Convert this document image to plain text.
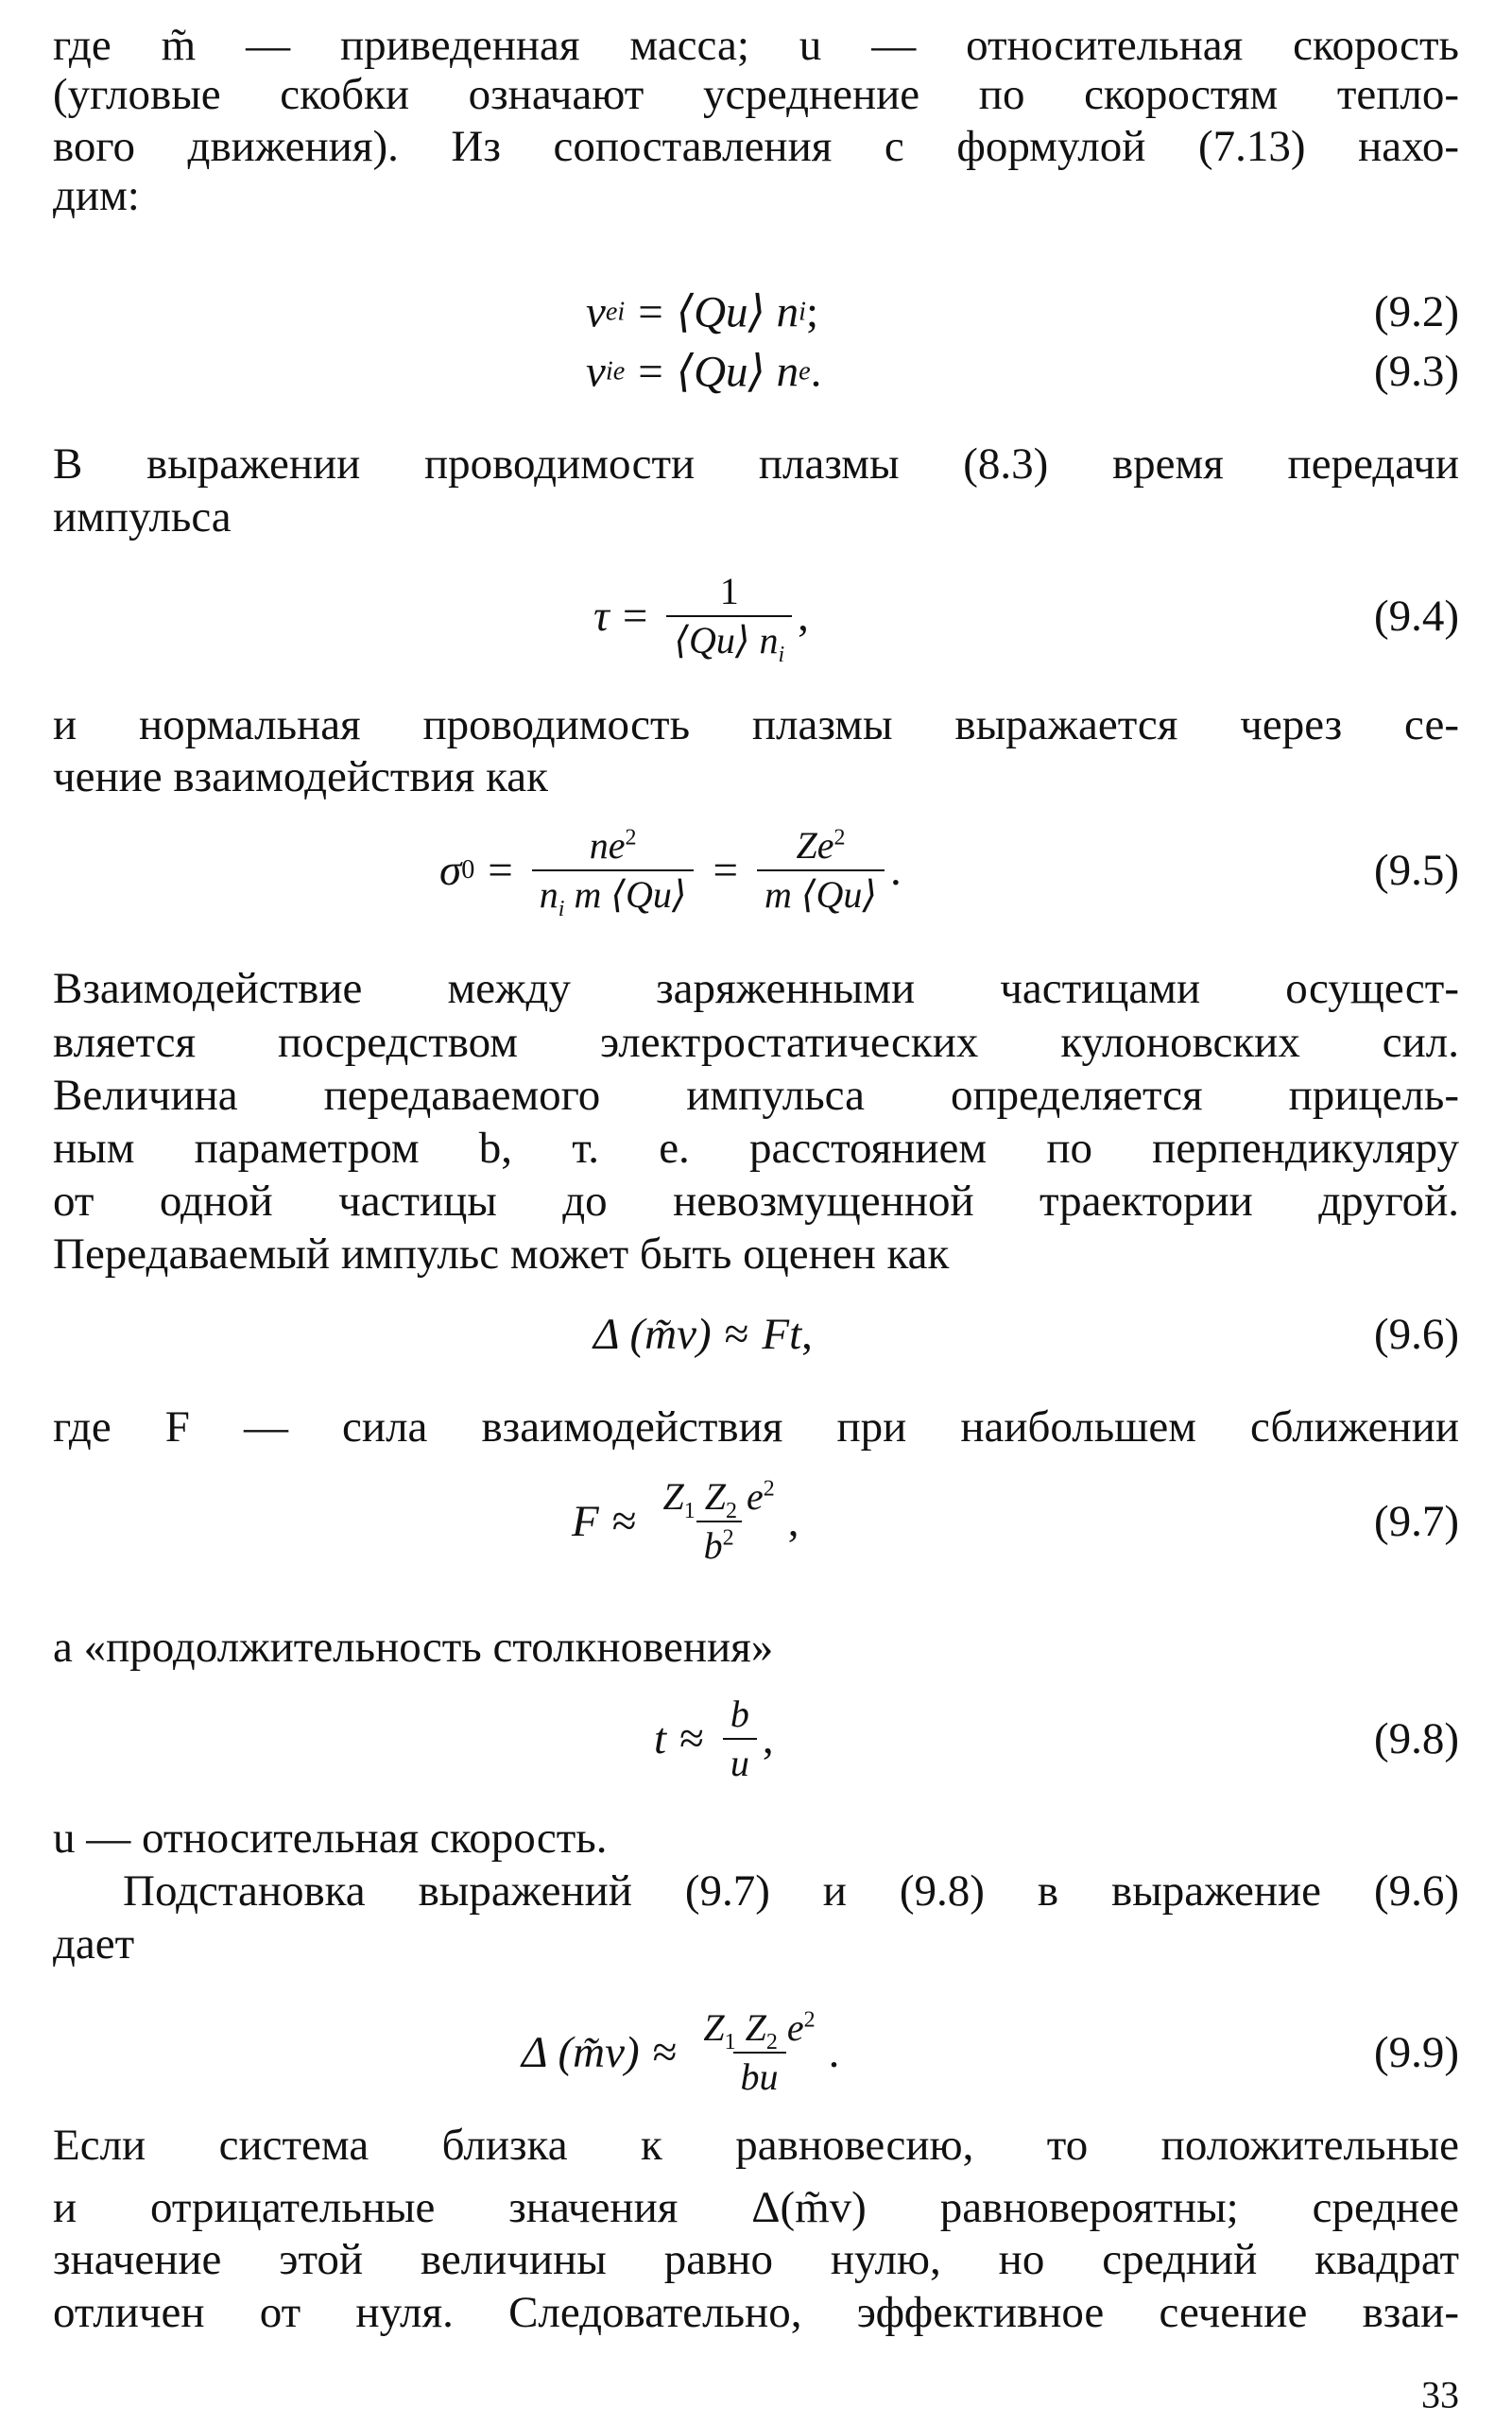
где m̃ — приведенная масса; u — относительная скорость
(угловые скобки означают усреднение по скоростям тепло-
вого движения). Из сопоставления с формулой (7.13) нахо-
дим:
ν ei = ⟨Qu⟩ n i ;	(9.2)
ν ie = ⟨Qu⟩ n e .	(9.3)
В выражении проводимости плазмы (8.3) время передачи
импульса
$\tau = \frac{1}{⟨Qu⟩ n_i}$ ,	(9.4)
и нормальная проводимость плазмы выражается через се-
чение взаимодействия как
σ $0 = \frac{ne^2}{n_i m ⟨Qu⟩} = \frac{Ze^2}{m ⟨Qu⟩}$ .	(9.5)
Взаимодействие между заряженными частицами осущест-
вляется посредством электростатических кулоновских сил.
Величина передаваемого импульса определяется прицель-
ным параметром b, т. е. расстоянием по перпендикуляру
от одной частицы до невозмущенной траектории другой.
Передаваемый импульс может быть оценен как
Δ (m̃v) ≈ Ft ,	(9.6)
где F — сила взаимодействия при наибольшем сближении
$F \approx \frac{Z_1 Z_2 e^2}{b^2}$ ,	(9.7)
а «продолжительность столкновения»
$t \approx \frac{b}{u}$ ,	(9.8)
u — относительная скорость.
Подстановка выражений (9.7) и (9.8) в выражение (9.6)
дает
Δ (m̃v) ≈ $\frac{Z_1 Z_2 e^2}{bu}$ .	(9.9)
Если система близка к равновесию, то положительные
и отрицательные значения Δ(m̃v) равновероятны; среднее
значение этой величины равно нулю, но средний квадрат
отличен от нуля. Следовательно, эффективное сечение взаи-
33
